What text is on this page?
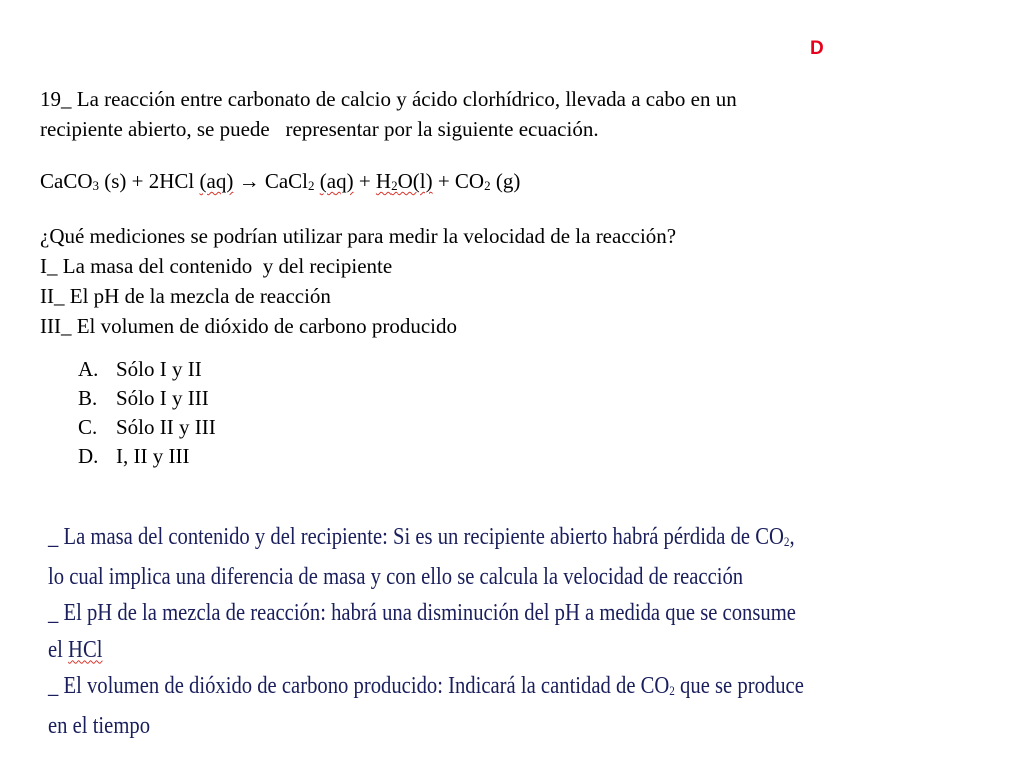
D

19_ La reacción entre carbonato de calcio y ácido clorhídrico, llevada a cabo en un

recipiente abierto, se puede   representar por la siguiente ecuación.

CaCO$_3$ (s) + 2HCl (aq) → CaCl$_2$ $(aq) + H_2O(l) + CO_2$ (g)

¿Qué mediciones se podrían utilizar para medir la velocidad de la reacción?

I_ La masa del contenido  y del recipiente

II_ El pH de la mezcla de reacción

III_ El volumen de dióxido de carbono producido

A. Sólo I y II
B. Sólo I y III
C. Sólo II y III
D. I, II y III

_ La masa del contenido y del recipiente: Si es un recipiente abierto habrá pérdida de $CO_2$,

lo cual implica una diferencia de masa y con ello se calcula la velocidad de reacción

_ El pH de la mezcla de reacción: habrá una disminución del pH a medida que se consume

el HCl

_ El volumen de dióxido de carbono producido: Indicará la cantidad de $CO_2$ que se produce

en el tiempo
